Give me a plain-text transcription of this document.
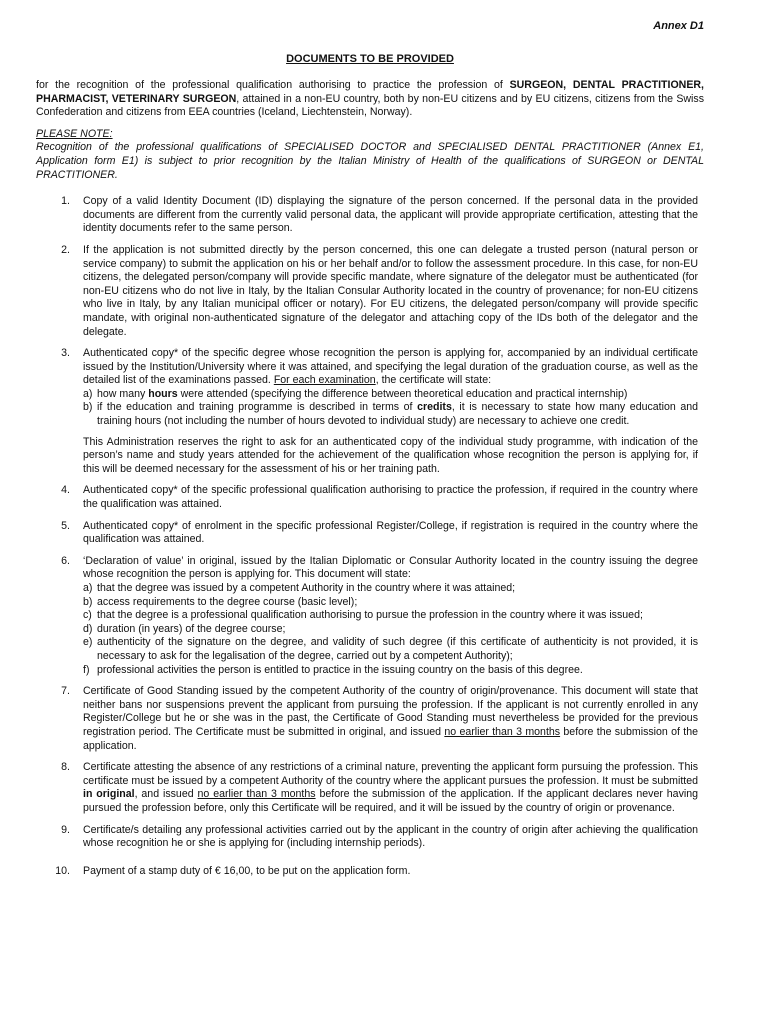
Annex D1
DOCUMENTS TO BE PROVIDED

for the recognition of the professional qualification authorising to practice the profession of SURGEON, DENTAL PRACTITIONER, PHARMACIST, VETERINARY SURGEON, attained in a non-EU country, both by non-EU citizens and by EU citizens, citizens from the Swiss Confederation and citizens from EEA countries (Iceland, Liechtenstein, Norway).

PLEASE NOTE:
Recognition of the professional qualifications of SPECIALISED DOCTOR and SPECIALISED DENTAL PRACTITIONER (Annex E1, Application form E1) is subject to prior recognition by the Italian Ministry of Health of the qualifications of SURGEON or DENTAL PRACTITIONER.
1. Copy of a valid Identity Document (ID) displaying the signature of the person concerned. If the personal data in the provided documents are different from the currently valid personal data, the applicant will provide appropriate certification, attesting that the identity documents refer to the same person.
2. If the application is not submitted directly by the person concerned, this one can delegate a trusted person (natural person or service company) to submit the application on his or her behalf and/or to follow the assessment procedure. In this case, for non-EU citizens, the delegated person/company will provide specific mandate, where signature of the delegator must be authenticated (for non-EU citizens who do not live in Italy, by the Italian Consular Authority located in the country of provenance; for non-EU citizens who live in Italy, by any Italian municipal officer or notary). For EU citizens, the delegated person/company will provide specific mandate, with original non-authenticated signature of the delegator and attaching copy of the IDs both of the delegator and the delegate.
3. Authenticated copy* of the specific degree whose recognition the person is applying for, accompanied by an individual certificate issued by the Institution/University where it was attained, and specifying the legal duration of the graduation course, as well as the detailed list of the examinations passed. For each examination, the certificate will state:
a) how many hours were attended (specifying the difference between theoretical education and practical internship)
b) if the education and training programme is described in terms of credits, it is necessary to state how many education and training hours (not including the number of hours devoted to individual study) are necessary to achieve one credit.
This Administration reserves the right to ask for an authenticated copy of the individual study programme, with indication of the person’s name and study years attended for the achievement of the qualification whose recognition the person is applying for, if this will be deemed necessary for the assessment of his or her training path.
4. Authenticated copy* of the specific professional qualification authorising to practice the profession, if required in the country where the qualification was attained.
5. Authenticated copy* of enrolment in the specific professional Register/College, if registration is required in the country where the qualification was attained.
6. ‘Declaration of value’ in original, issued by the Italian Diplomatic or Consular Authority located in the country issuing the degree whose recognition the person is applying for. This document will state:
a) that the degree was issued by a competent Authority in the country where it was attained;
b) access requirements to the degree course (basic level);
c) that the degree is a professional qualification authorising to pursue the profession in the country where it was issued;
d) duration (in years) of the degree course;
e) authenticity of the signature on the degree, and validity of such degree (if this certificate of authenticity is not provided, it is necessary to ask for the legalisation of the degree, carried out by a competent Authority);
f) professional activities the person is entitled to practice in the issuing country on the basis of this degree.
7. Certificate of Good Standing issued by the competent Authority of the country of origin/provenance. This document will state that neither bans nor suspensions prevent the applicant from pursuing the profession. If the applicant is not currently enrolled in any Register/College but he or she was in the past, the Certificate of Good Standing must nevertheless be provided for the previous registration period. The Certificate must be submitted in original, and issued no earlier than 3 months before the submission of the application.
8. Certificate attesting the absence of any restrictions of a criminal nature, preventing the applicant form pursuing the profession. This certificate must be issued by a competent Authority of the country where the applicant pursues the profession. It must be submitted in original, and issued no earlier than 3 months before the submission of the application. If the applicant declares never having pursued the profession before, only this Certificate will be required, and it will be issued by the country of origin or provenance.
9. Certificate/s detailing any professional activities carried out by the applicant in the country of origin after achieving the qualification whose recognition he or she is applying for (including internship periods).
10. Payment of a stamp duty of € 16,00, to be put on the application form.
